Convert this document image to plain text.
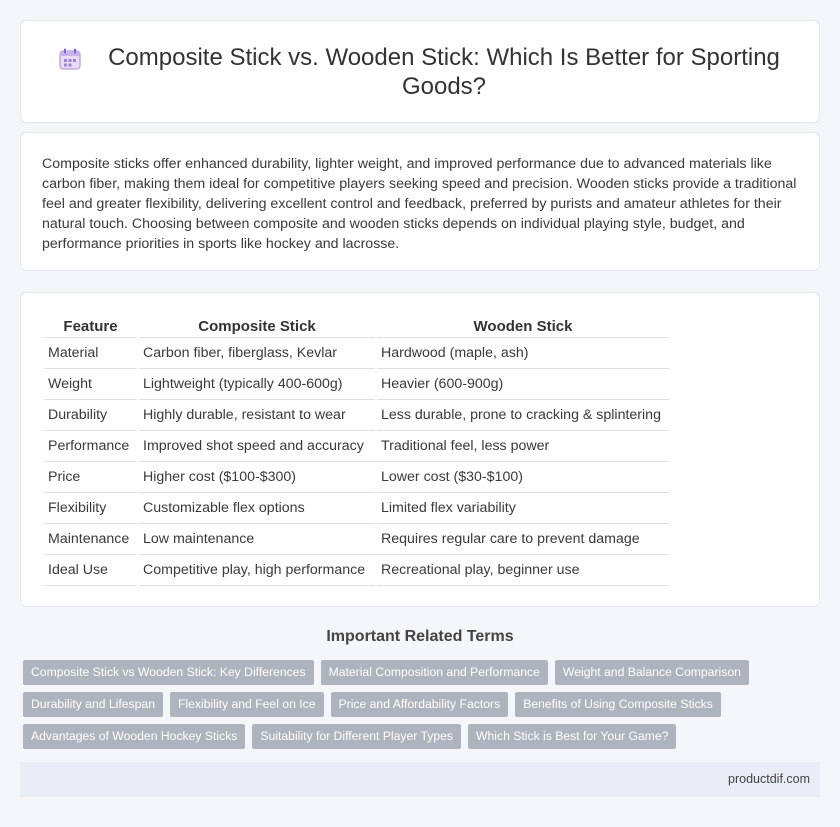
Composite Stick vs. Wooden Stick: Which Is Better for Sporting Goods?

Composite sticks offer enhanced durability, lighter weight, and improved performance due to advanced materials like carbon fiber, making them ideal for competitive players seeking speed and precision. Wooden sticks provide a traditional feel and greater flexibility, delivering excellent control and feedback, preferred by purists and amateur athletes for their natural touch. Choosing between composite and wooden sticks depends on individual playing style, budget, and performance priorities in sports like hockey and lacrosse.

Feature	Composite Stick	Wooden Stick
Material	Carbon fiber, fiberglass, Kevlar	Hardwood (maple, ash)
Weight	Lightweight (typically 400-600g)	Heavier (600-900g)
Durability	Highly durable, resistant to wear	Less durable, prone to cracking & splintering
Performance	Improved shot speed and accuracy	Traditional feel, less power
Price	Higher cost ($100-$300)	Lower cost ($30-$100)
Flexibility	Customizable flex options	Limited flex variability
Maintenance	Low maintenance	Requires regular care to prevent damage
Ideal Use	Competitive play, high performance	Recreational play, beginner use
Important Related Terms
Composite Stick vs Wooden Stick: Key Differences	Material Composition and Performance	Weight and Balance Comparison
Durability and Lifespan	Flexibility and Feel on Ice	Price and Affordability Factors	Benefits of Using Composite Sticks
Advantages of Wooden Hockey Sticks	Suitability for Different Player Types	Which Stick is Best for Your Game?
productdif.com
